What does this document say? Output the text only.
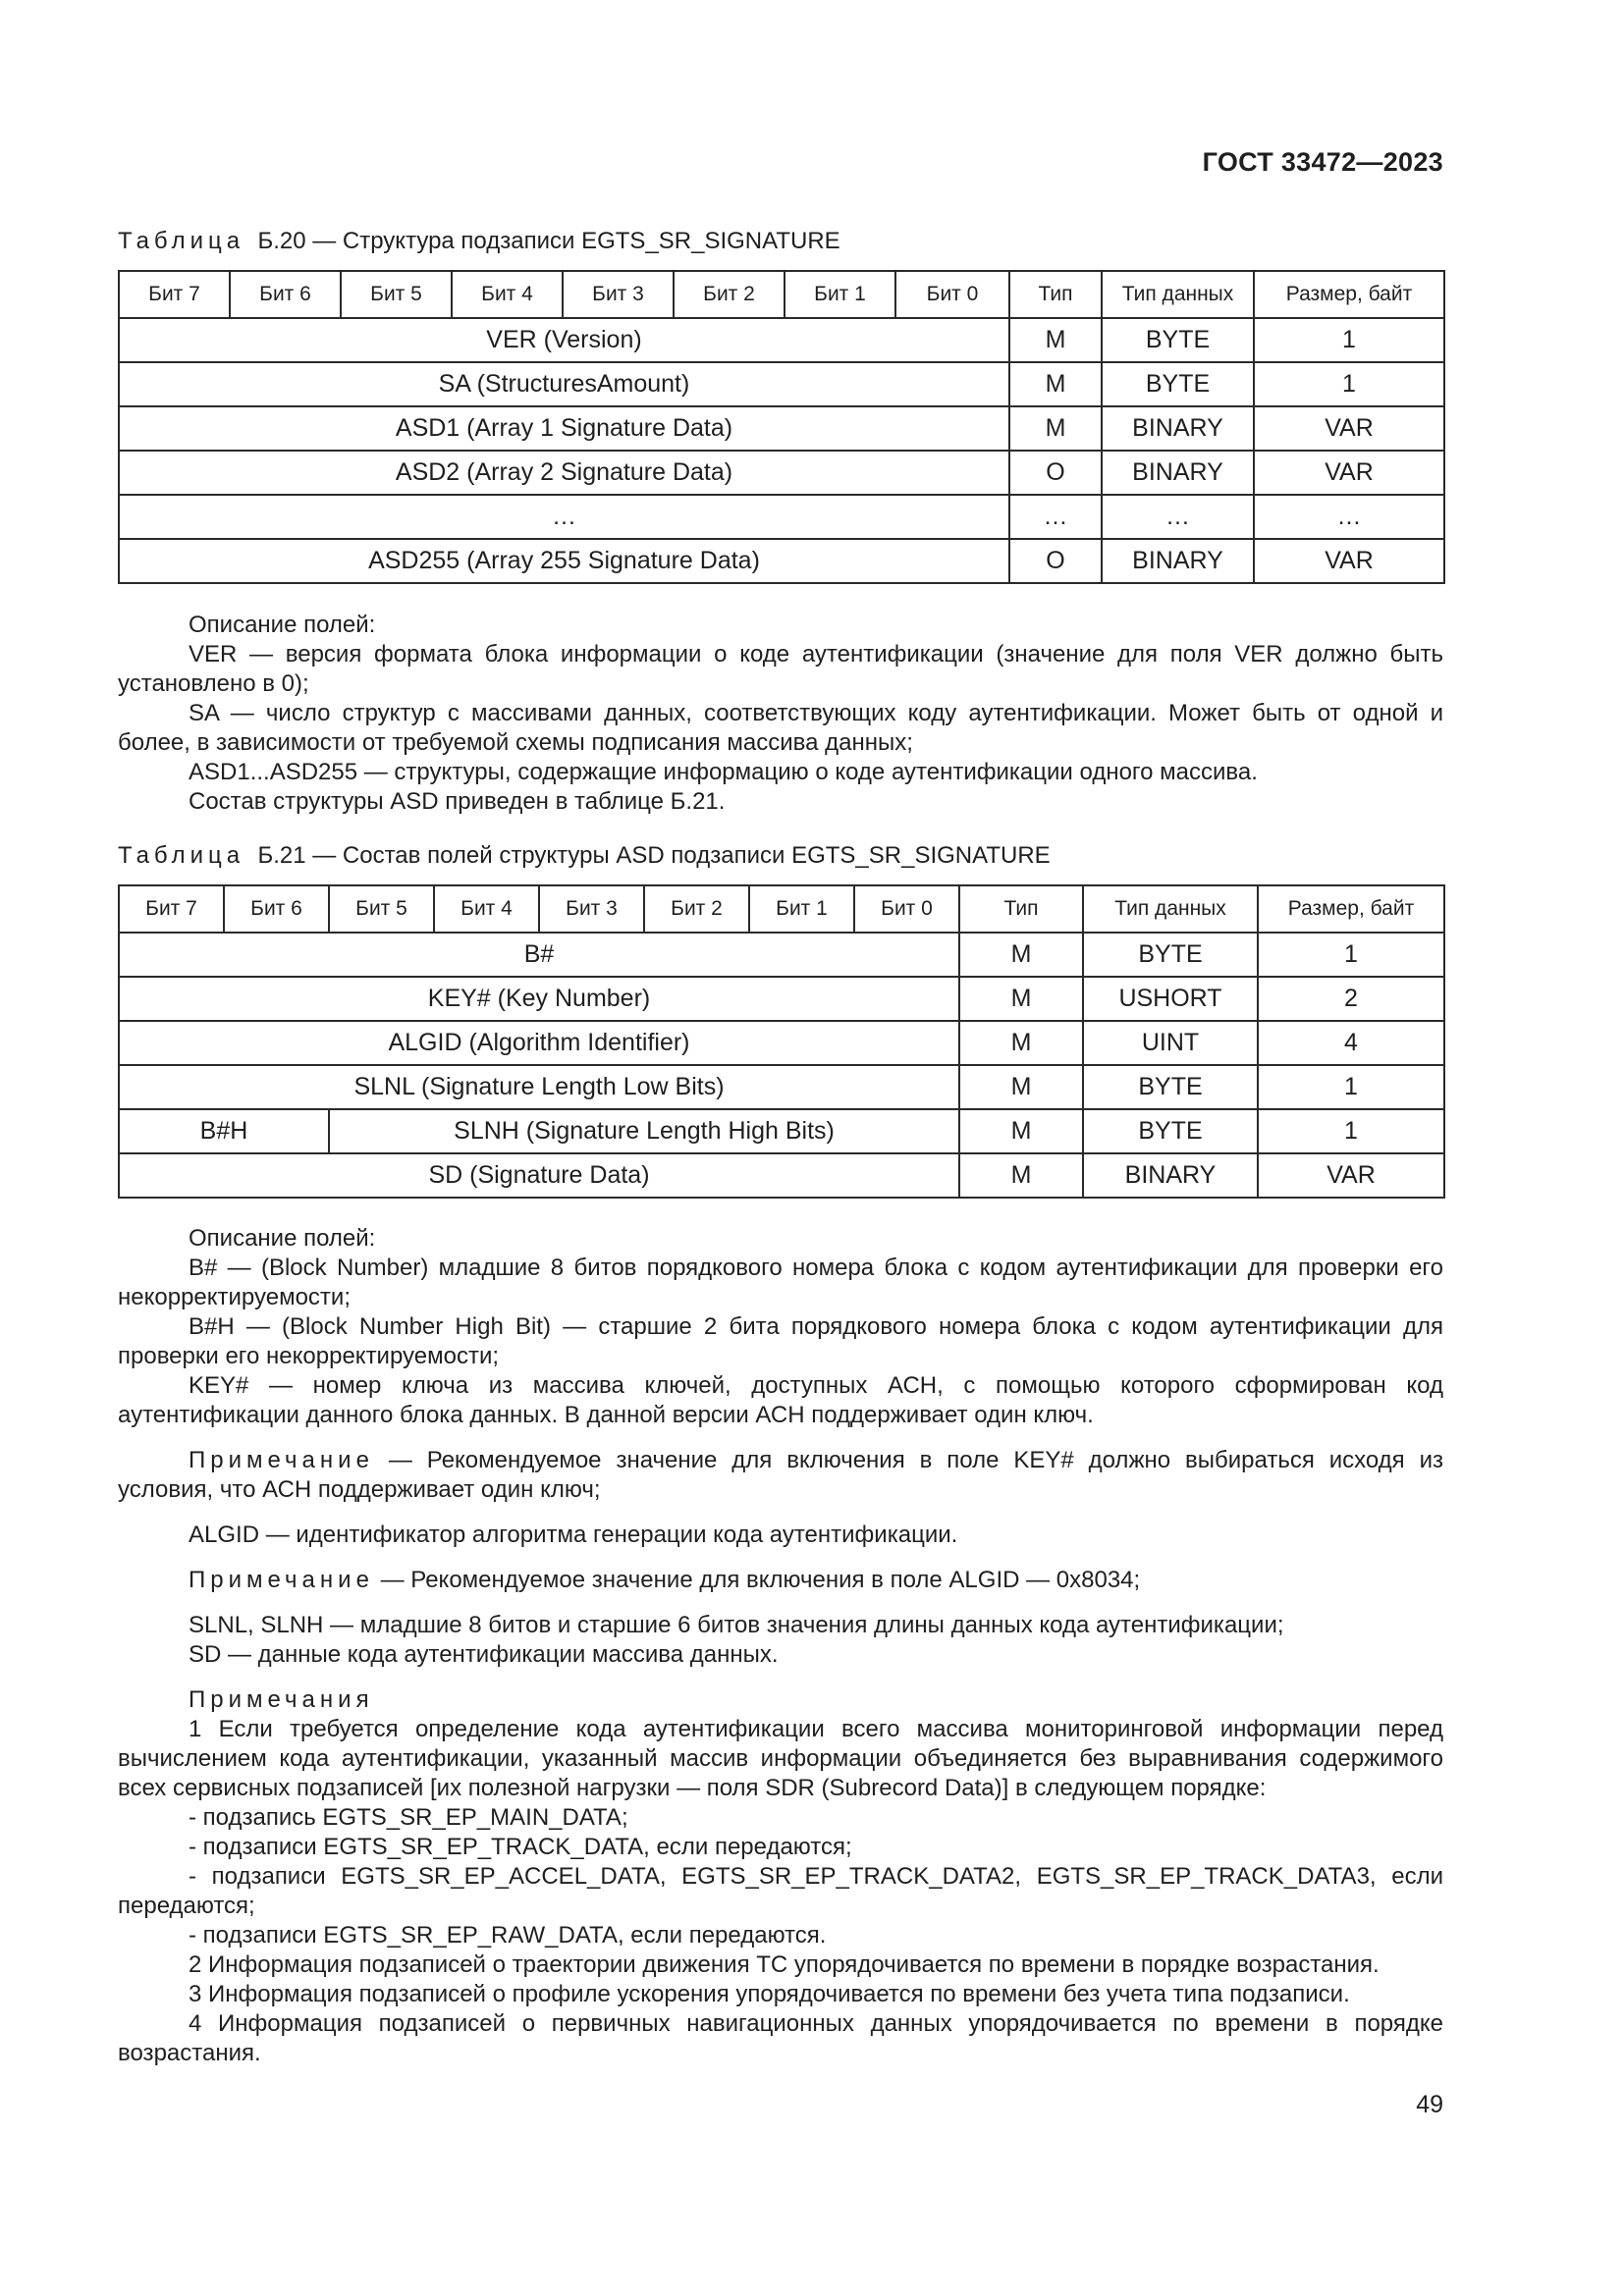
ГОСТ 33472—2023
Таблица Б.20 — Структура подзаписи EGTS_SR_SIGNATURE
Бит 7	Бит 6	Бит 5	Бит 4	Бит 3	Бит 2	Бит 1	Бит 0	Тип	Тип данных	Размер, байт
VER (Version)								M	BYTE	1
SA (StructuresAmount)								M	BYTE	1
ASD1 (Array 1 Signature Data)								M	BINARY	VAR
ASD2 (Array 2 Signature Data)								O	BINARY	VAR
…								…	…	…
ASD255 (Array 255 Signature Data)								O	BINARY	VAR

Описание полей:

VER — версия формата блока информации о коде аутентификации (значение для поля VER должно быть установлено в 0);

SA — число структур с массивами данных, соответствующих коду аутентификации. Может быть от одной и более, в зависимости от требуемой схемы подписания массива данных;

ASD1...ASD255 — структуры, содержащие информацию о коде аутентификации одного массива.

Состав структуры ASD приведен в таблице Б.21.

Таблица Б.21 — Состав полей структуры ASD подзаписи EGTS_SR_SIGNATURE
Бит 7	Бит 6	Бит 5	Бит 4	Бит 3	Бит 2	Бит 1	Бит 0	Тип	Тип данных	Размер, байт
B#								M	BYTE	1
KEY# (Key Number)								M	USHORT	2
ALGID (Algorithm Identifier)								M	UINT	4
SLNL (Signature Length Low Bits)								M	BYTE	1
B#H		SLNH (Signature Length High Bits)						M	BYTE	1
SD (Signature Data)								M	BINARY	VAR

Описание полей:

B# — (Block Number) младшие 8 битов порядкового номера блока с кодом аутентификации для проверки его некорректируемости;

B#H — (Block Number High Bit) — старшие 2 бита порядкового номера блока с кодом аутентификации для проверки его некорректируемости;

KEY# — номер ключа из массива ключей, доступных АСН, с помощью которого сформирован код аутентификации данного блока данных. В данной версии АСН поддерживает один ключ.

Примечание — Рекомендуемое значение для включения в поле KEY# должно выбираться исходя из условия, что АСН поддерживает один ключ;

ALGID — идентификатор алгоритма генерации кода аутентификации.

Примечание — Рекомендуемое значение для включения в поле ALGID — 0x8034;

SLNL, SLNH — младшие 8 битов и старшие 6 битов значения длины данных кода аутентификации;

SD — данные кода аутентификации массива данных.

Примечания

1 Если требуется определение кода аутентификации всего массива мониторинговой информации перед вычислением кода аутентификации, указанный массив информации объединяется без выравнивания содержимого всех сервисных подзаписей [их полезной нагрузки — поля SDR (Subrecord Data)] в следующем порядке:

- подзапись EGTS_SR_EP_MAIN_DATA;

- подзаписи EGTS_SR_EP_TRACK_DATA, если передаются;

- подзаписи EGTS_SR_EP_ACCEL_DATA, EGTS_SR_EP_TRACK_DATA2, EGTS_SR_EP_TRACK_DATA3, если передаются;

- подзаписи EGTS_SR_EP_RAW_DATA, если передаются.

2 Информация подзаписей о траектории движения ТС упорядочивается по времени в порядке возрастания.

3 Информация подзаписей о профиле ускорения упорядочивается по времени без учета типа подзаписи.

4 Информация подзаписей о первичных навигационных данных упорядочивается по времени в порядке возрастания.

49
